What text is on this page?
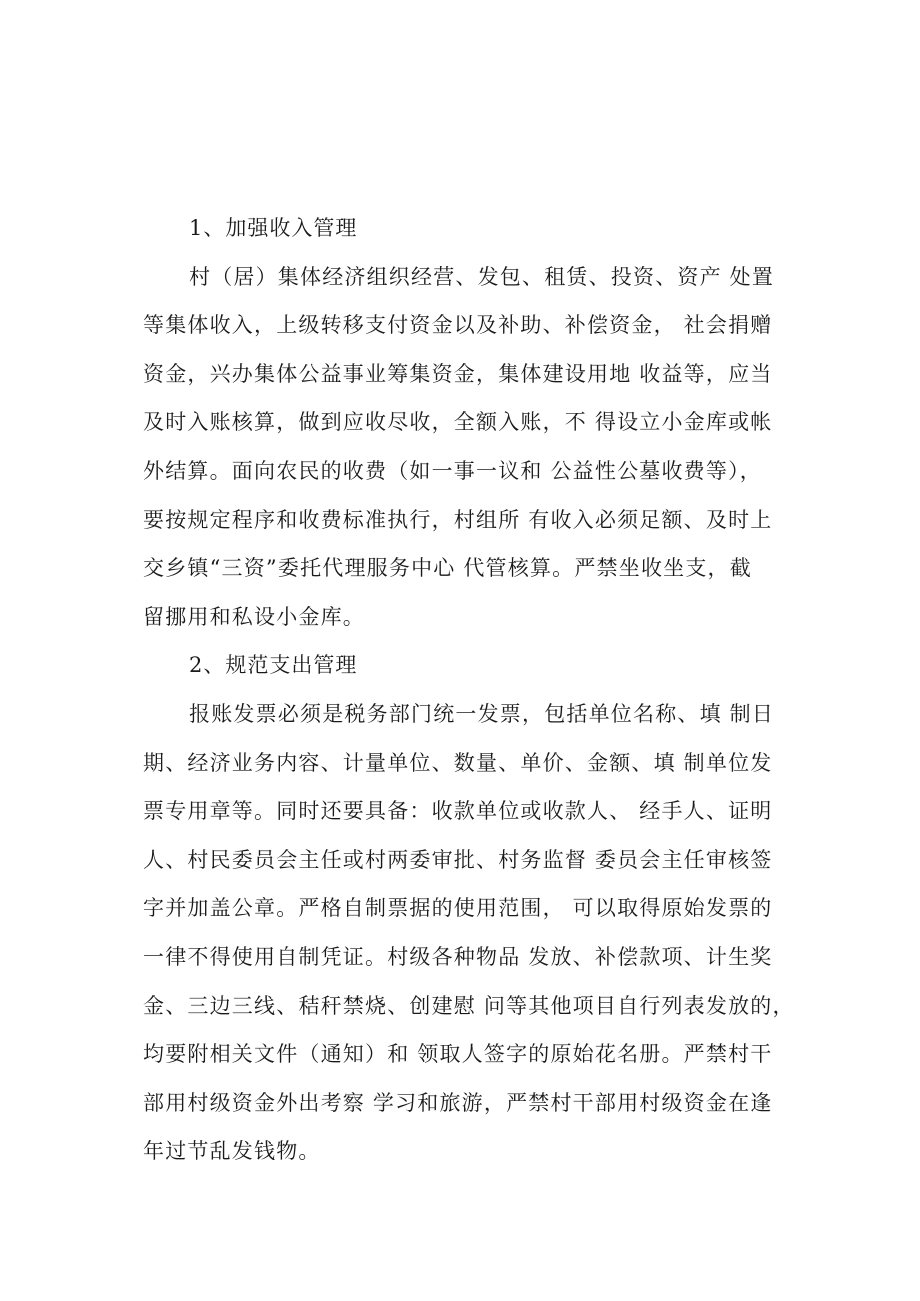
1、加强收入管理
村（居）集体经济组织经营、发包、租赁、投资、资产 处置
等集体收入，上级转移支付资金以及补助、补偿资金， 社会捐赠
资金，兴办集体公益事业筹集资金，集体建设用地 收益等，应当
及时入账核算，做到应收尽收，全额入账，不 得设立小金库或帐
外结算。面向农民的收费（如一事一议和 公益性公墓收费等），
要按规定程序和收费标准执行，村组所 有收入必须足额、及时上
交乡镇“三资”委托代理服务中心 代管核算。严禁坐收坐支，截
留挪用和私设小金库。
2、规范支出管理
报账发票必须是税务部门统一发票，包括单位名称、填 制日
期、经济业务内容、计量单位、数量、单价、金额、填 制单位发
票专用章等。同时还要具备：收款单位或收款人、 经手人、证明
人、村民委员会主任或村两委审批、村务监督 委员会主任审核签
字并加盖公章。严格自制票据的使用范围， 可以取得原始发票的
一律不得使用自制凭证。村级各种物品 发放、补偿款项、计生奖
金、三边三线、秸秆禁烧、创建慰 问等其他项目自行列表发放的，
均要附相关文件（通知）和 领取人签字的原始花名册。严禁村干
部用村级资金外出考察 学习和旅游，严禁村干部用村级资金在逢
年过节乱发钱物。
